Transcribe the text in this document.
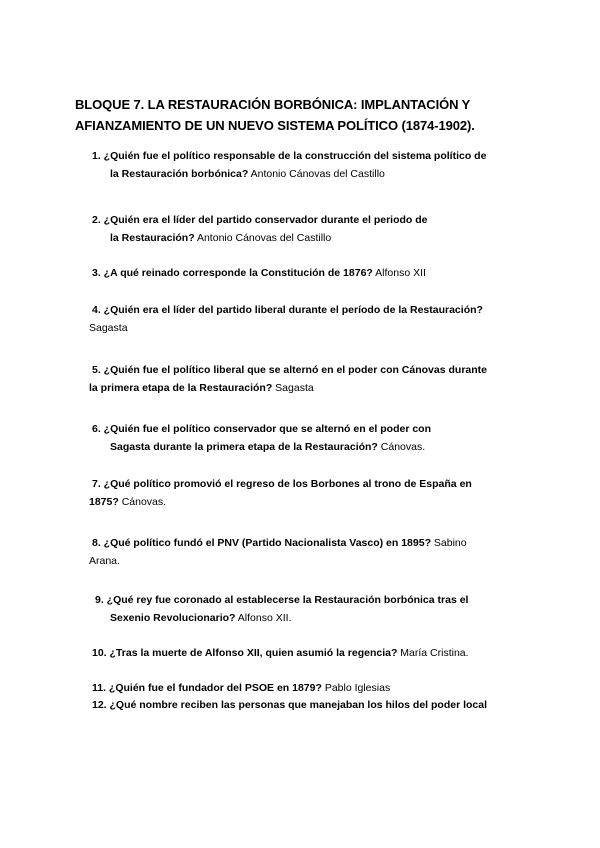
BLOQUE 7. LA RESTAURACIÓN BORBÓNICA: IMPLANTACIÓN Y
AFIANZAMIENTO DE UN NUEVO SISTEMA POLÍTICO (1874-1902).
1. ¿Quién fue el político responsable de la construcción del sistema político de
la Restauración borbónica? Antonio Cánovas del Castillo
2. ¿Quién era el líder del partido conservador durante el periodo de
la Restauración? Antonio Cánovas del Castillo
3. ¿A qué reinado corresponde la Constitución de 1876? Alfonso XII
4. ¿Quién era el líder del partido liberal durante el período de la Restauración?
Sagasta
5. ¿Quién fue el político liberal que se alternó en el poder con Cánovas durante
la primera etapa de la Restauración? Sagasta
6. ¿Quién fue el político conservador que se alternó en el poder con
Sagasta durante la primera etapa de la Restauración? Cánovas.
7. ¿Qué político promovió el regreso de los Borbones al trono de España en
1875? Cánovas.
8. ¿Qué político fundó el PNV (Partido Nacionalista Vasco) en 1895? Sabino
Arana.
9. ¿Qué rey fue coronado al establecerse la Restauración borbónica tras el
Sexenio Revolucionario? Alfonso XII.
10. ¿Tras la muerte de Alfonso XII, quien asumió la regencia? María Cristina.
11. ¿Quién fue el fundador del PSOE en 1879? Pablo Iglesias
12. ¿Qué nombre reciben las personas que manejaban los hilos del poder local
